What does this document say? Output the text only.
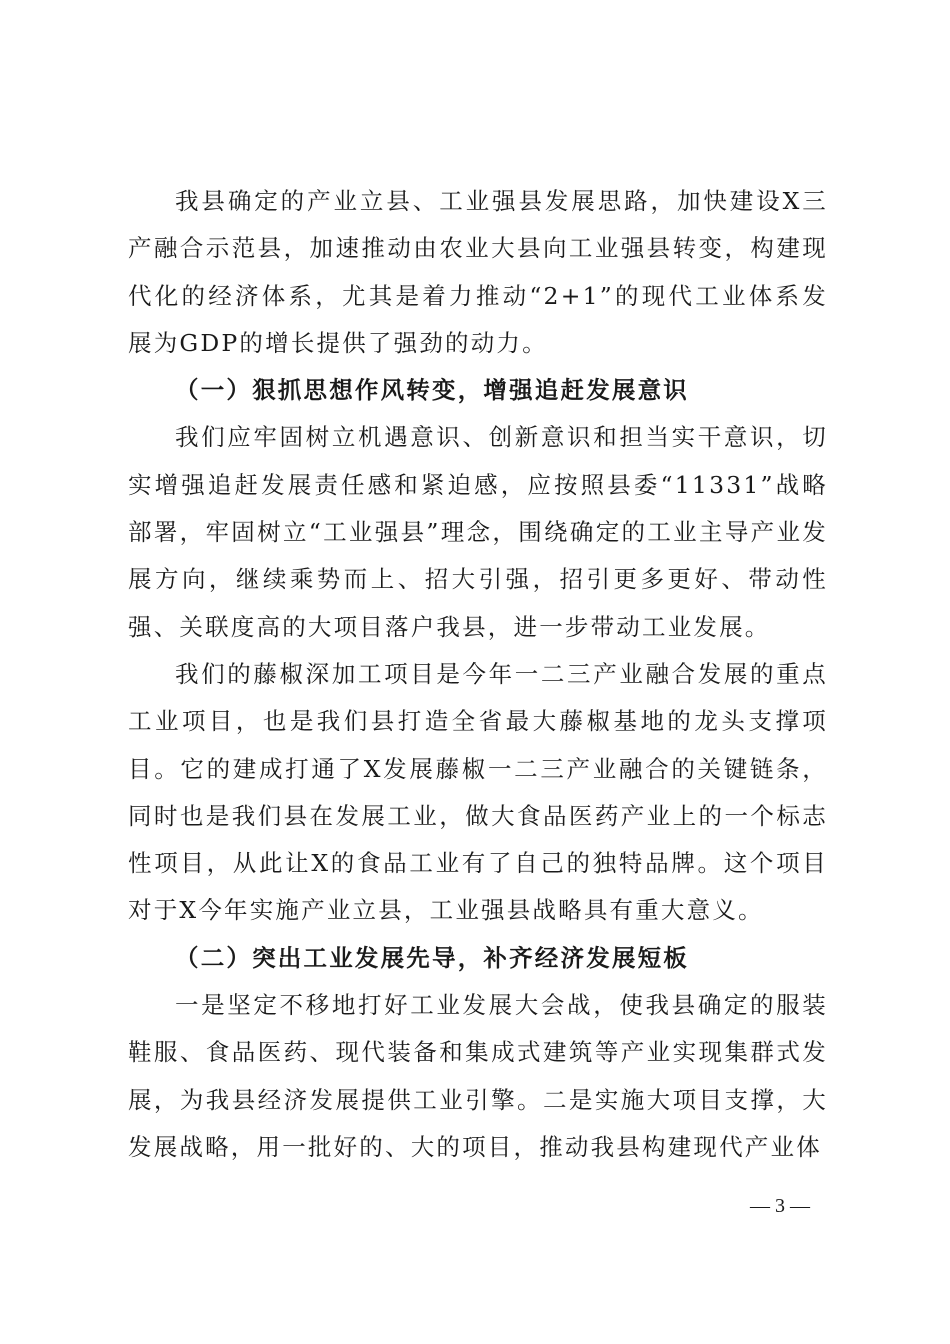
我县确定的产业立县、工业强县发展思路，加快建设X三产融合示范县，加速推动由农业大县向工业强县转变，构建现代化的经济体系，尤其是着力推动“2+1”的现代工业体系发展为GDP的增长提供了强劲的动力。

（一）狠抓思想作风转变，增强追赶发展意识

我们应牢固树立机遇意识、创新意识和担当实干意识，切实增强追赶发展责任感和紧迫感，应按照县委“11331”战略部署，牢固树立“工业强县”理念，围绕确定的工业主导产业发展方向，继续乘势而上、招大引强，招引更多更好、带动性强、关联度高的大项目落户我县，进一步带动工业发展。

我们的藤椒深加工项目是今年一二三产业融合发展的重点工业项目，也是我们县打造全省最大藤椒基地的龙头支撑项目。它的建成打通了X发展藤椒一二三产业融合的关键链条，同时也是我们县在发展工业，做大食品医药产业上的一个标志性项目，从此让X的食品工业有了自己的独特品牌。这个项目对于X今年实施产业立县，工业强县战略具有重大意义。

（二）突出工业发展先导，补齐经济发展短板

一是坚定不移地打好工业发展大会战，使我县确定的服装鞋服、食品医药、现代装备和集成式建筑等产业实现集群式发展，为我县经济发展提供工业引擎。二是实施大项目支撑，大发展战略，用一批好的、大的项目，推动我县构建现代产业体

— 3 —
